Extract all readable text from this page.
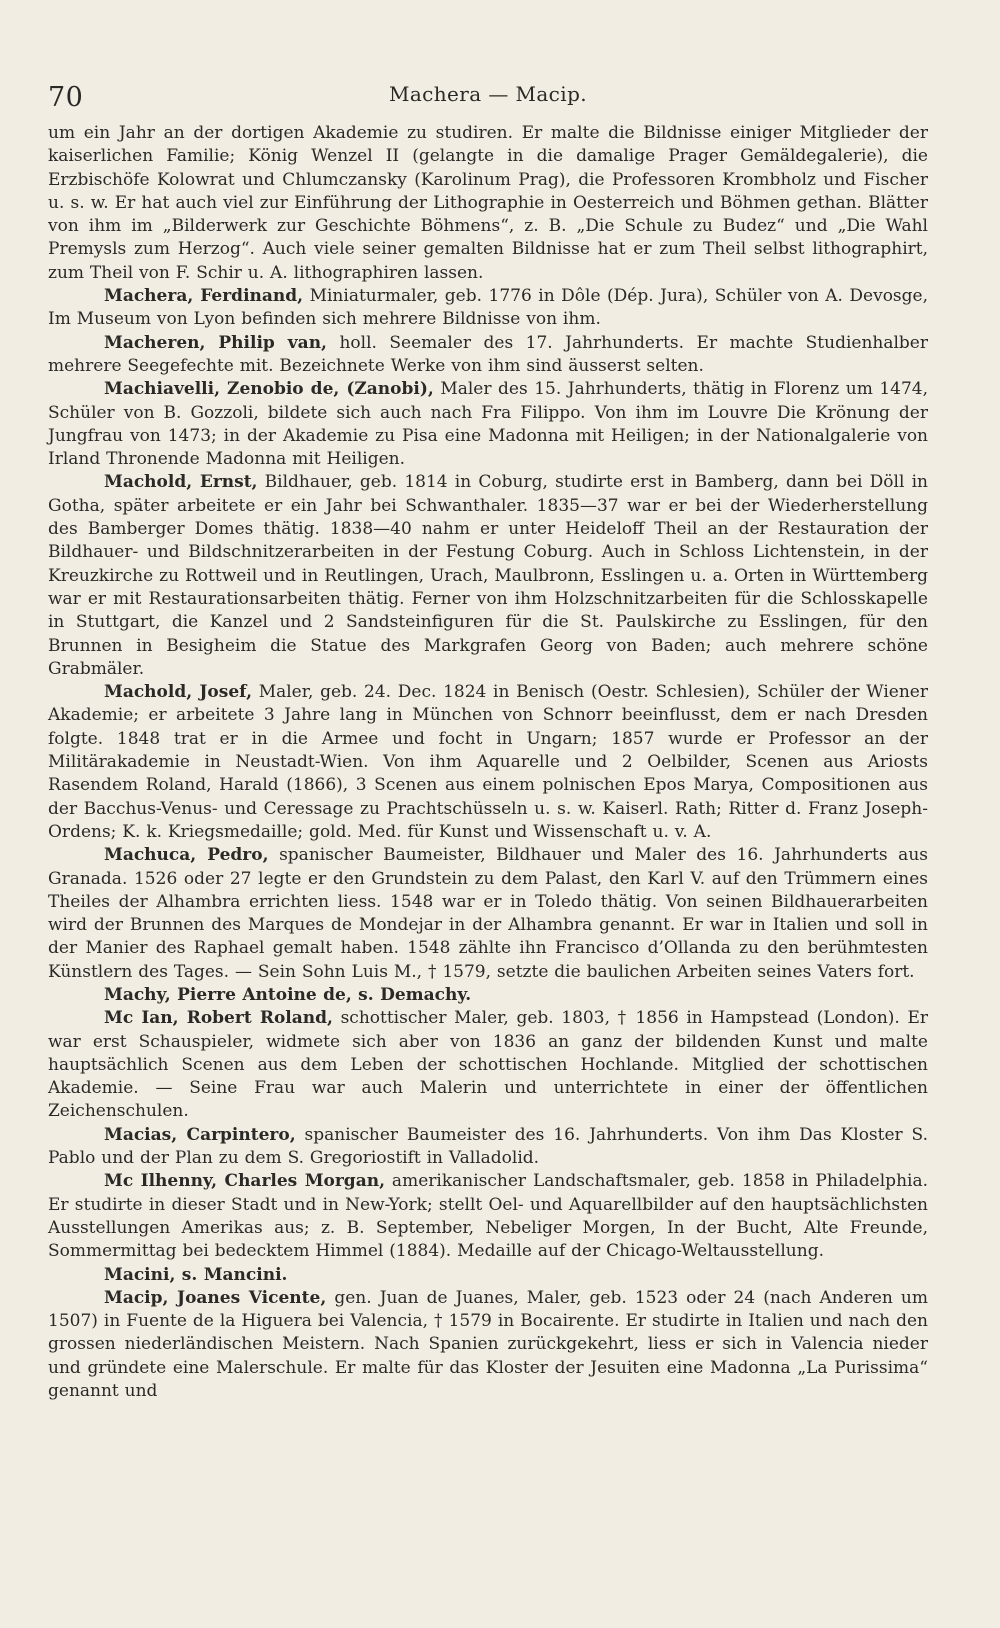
70	Machera — Macip.

um ein Jahr an der dortigen Akademie zu studiren. Er malte die Bildnisse einiger Mitglieder der kaiserlichen Familie; König Wenzel II (gelangte in die damalige Prager Gemäldegalerie), die Erzbischöfe Kolowrat und Chlumczansky (Karolinum Prag), die Professoren Krombholz und Fischer u. s. w. Er hat auch viel zur Einführung der Lithographie in Oesterreich und Böhmen gethan. Blätter von ihm im „Bilderwerk zur Geschichte Böhmens“, z. B. „Die Schule zu Budez“ und „Die Wahl Premysls zum Herzog“. Auch viele seiner gemalten Bildnisse hat er zum Theil selbst lithographirt, zum Theil von F. Schir u. A. lithographiren lassen.

Machera, Ferdinand, Miniaturmaler, geb. 1776 in Dôle (Dép. Jura), Schüler von A. Devosge, Im Museum von Lyon befinden sich mehrere Bildnisse von ihm.

Macheren, Philip van, holl. Seemaler des 17. Jahrhunderts. Er machte Studienhalber mehrere Seegefechte mit. Bezeichnete Werke von ihm sind äusserst selten.

Machiavelli, Zenobio de, (Zanobi), Maler des 15. Jahrhunderts, thätig in Florenz um 1474, Schüler von B. Gozzoli, bildete sich auch nach Fra Filippo. Von ihm im Louvre Die Krönung der Jungfrau von 1473; in der Akademie zu Pisa eine Madonna mit Heiligen; in der Nationalgalerie von Irland Thronende Madonna mit Heiligen.

Machold, Ernst, Bildhauer, geb. 1814 in Coburg, studirte erst in Bamberg, dann bei Döll in Gotha, später arbeitete er ein Jahr bei Schwanthaler. 1835—37 war er bei der Wiederherstellung des Bamberger Domes thätig. 1838—40 nahm er unter Heideloff Theil an der Restauration der Bildhauer- und Bildschnitzerarbeiten in der Festung Coburg. Auch in Schloss Lichtenstein, in der Kreuzkirche zu Rottweil und in Reutlingen, Urach, Maulbronn, Esslingen u. a. Orten in Württemberg war er mit Restaurationsarbeiten thätig. Ferner von ihm Holzschnitzarbeiten für die Schlosskapelle in Stuttgart, die Kanzel und 2 Sandsteinfiguren für die St. Paulskirche zu Esslingen, für den Brunnen in Besigheim die Statue des Markgrafen Georg von Baden; auch mehrere schöne Grabmäler.

Machold, Josef, Maler, geb. 24. Dec. 1824 in Benisch (Oestr. Schlesien), Schüler der Wiener Akademie; er arbeitete 3 Jahre lang in München von Schnorr beeinflusst, dem er nach Dresden folgte. 1848 trat er in die Armee und focht in Ungarn; 1857 wurde er Professor an der Militärakademie in Neustadt-Wien. Von ihm Aquarelle und 2 Oelbilder, Scenen aus Ariosts Rasendem Roland, Harald (1866), 3 Scenen aus einem polnischen Epos Marya, Compositionen aus der Bacchus-Venus- und Ceressage zu Prachtschüsseln u. s. w. Kaiserl. Rath; Ritter d. Franz Joseph-Ordens; K. k. Kriegsmedaille; gold. Med. für Kunst und Wissenschaft u. v. A.

Machuca, Pedro, spanischer Baumeister, Bildhauer und Maler des 16. Jahrhunderts aus Granada. 1526 oder 27 legte er den Grundstein zu dem Palast, den Karl V. auf den Trümmern eines Theiles der Alhambra errichten liess. 1548 war er in Toledo thätig. Von seinen Bildhauerarbeiten wird der Brunnen des Marques de Mondejar in der Alhambra genannt. Er war in Italien und soll in der Manier des Raphael gemalt haben. 1548 zählte ihn Francisco d’Ollanda zu den berühmtesten Künstlern des Tages. — Sein Sohn Luis M., † 1579, setzte die baulichen Arbeiten seines Vaters fort.

Machy, Pierre Antoine de, s. Demachy.

Mc Ian, Robert Roland, schottischer Maler, geb. 1803, † 1856 in Hampstead (London). Er war erst Schauspieler, widmete sich aber von 1836 an ganz der bildenden Kunst und malte hauptsächlich Scenen aus dem Leben der schottischen Hochlande. Mitglied der schottischen Akademie. — Seine Frau war auch Malerin und unterrichtete in einer der öffentlichen Zeichenschulen.

Macias, Carpintero, spanischer Baumeister des 16. Jahrhunderts. Von ihm Das Kloster S. Pablo und der Plan zu dem S. Gregoriostift in Valladolid.

Mc Ilhenny, Charles Morgan, amerikanischer Landschaftsmaler, geb. 1858 in Philadelphia. Er studirte in dieser Stadt und in New-York; stellt Oel- und Aquarellbilder auf den hauptsächlichsten Ausstellungen Amerikas aus; z. B. September, Nebeliger Morgen, In der Bucht, Alte Freunde, Sommermittag bei bedecktem Himmel (1884). Medaille auf der Chicago-Weltausstellung.

Macini, s. Mancini.

Macip, Joanes Vicente, gen. Juan de Juanes, Maler, geb. 1523 oder 24 (nach Anderen um 1507) in Fuente de la Higuera bei Valencia, † 1579 in Bocairente. Er studirte in Italien und nach den grossen niederländischen Meistern. Nach Spanien zurückgekehrt, liess er sich in Valencia nieder und gründete eine Malerschule. Er malte für das Kloster der Jesuiten eine Madonna „La Purissima“ genannt und
